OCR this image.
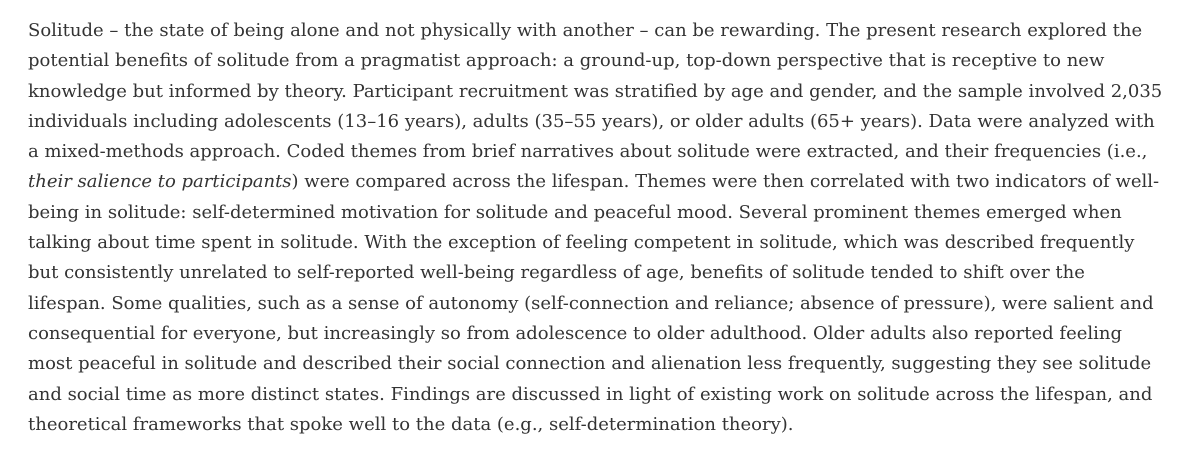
Solitude – the state of being alone and not physically with another – can be rewarding. The present research explored the potential benefits of solitude from a pragmatist approach: a ground-up, top-down perspective that is receptive to new knowledge but informed by theory. Participant recruitment was stratified by age and gender, and the sample involved 2,035 individuals including adolescents (13–16 years), adults (35–55 years), or older adults (65+ years). Data were analyzed with a mixed-methods approach. Coded themes from brief narratives about solitude were extracted, and their frequencies (i.e., their salience to participants) were compared across the lifespan. Themes were then correlated with two indicators of well-being in solitude: self-determined motivation for solitude and peaceful mood. Several prominent themes emerged when talking about time spent in solitude. With the exception of feeling competent in solitude, which was described frequently but consistently unrelated to self-reported well-being regardless of age, benefits of solitude tended to shift over the lifespan. Some qualities, such as a sense of autonomy (self-connection and reliance; absence of pressure), were salient and consequential for everyone, but increasingly so from adolescence to older adulthood. Older adults also reported feeling most peaceful in solitude and described their social connection and alienation less frequently, suggesting they see solitude and social time as more distinct states. Findings are discussed in light of existing work on solitude across the lifespan, and theoretical frameworks that spoke well to the data (e.g., self-determination theory).
